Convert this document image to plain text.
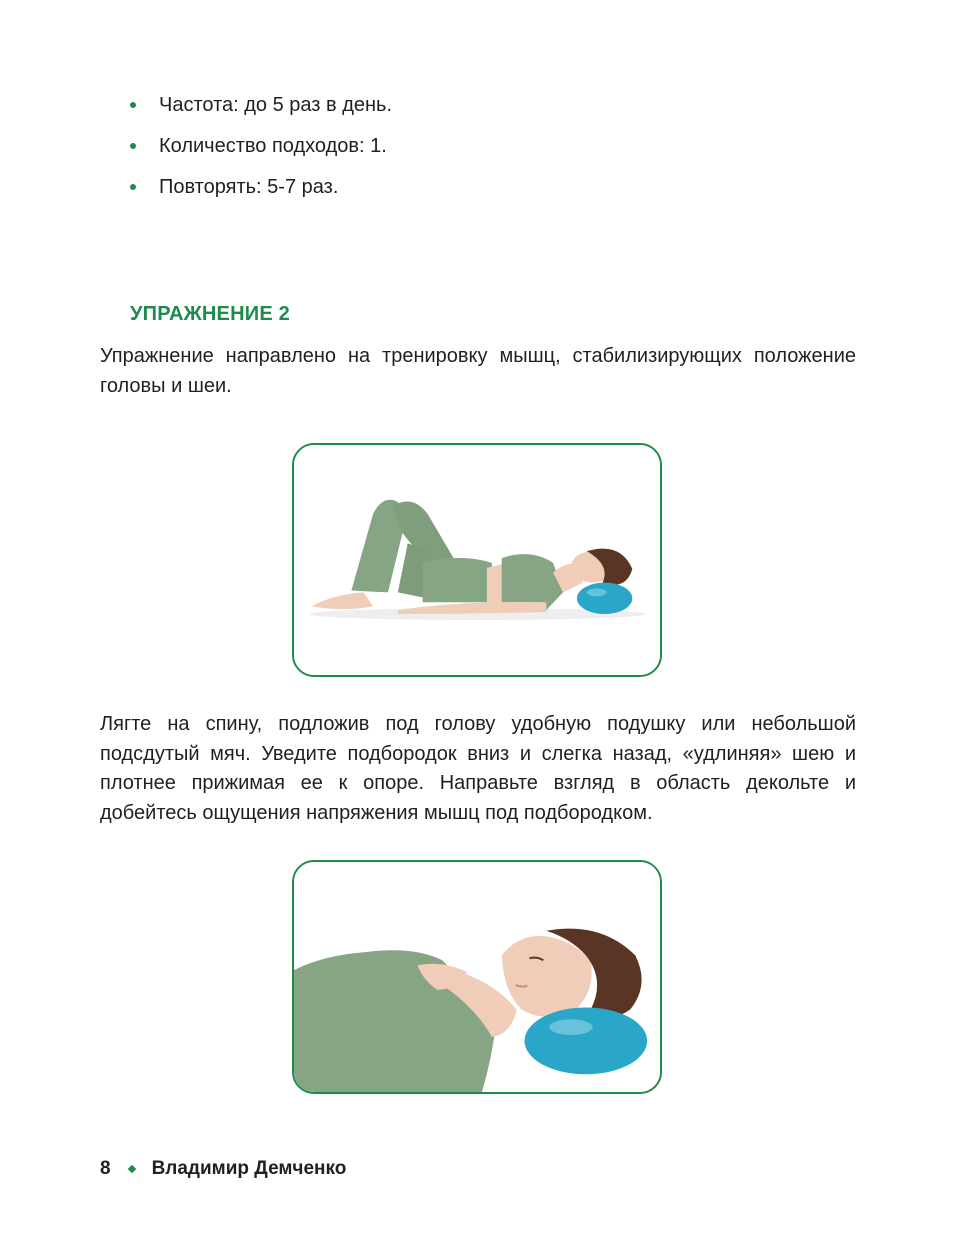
Частота: до 5 раз в день.
Количество подходов: 1.
Повторять: 5-7 раз.
УПРАЖНЕНИЕ 2

Упражнение направлено на тренировку мышц, стабилизирующих положение головы и шеи.

Лягте на спину, подложив под голову удобную подушку или небольшой подсдутый мяч. Уведите подбородок вниз и слегка назад, «удлиняя» шею и плотнее прижимая ее к опоре. Направьте взгляд в область декольте и добейтесь ощущения напряжения мышц под подбородком.

8 Владимир Демченко
